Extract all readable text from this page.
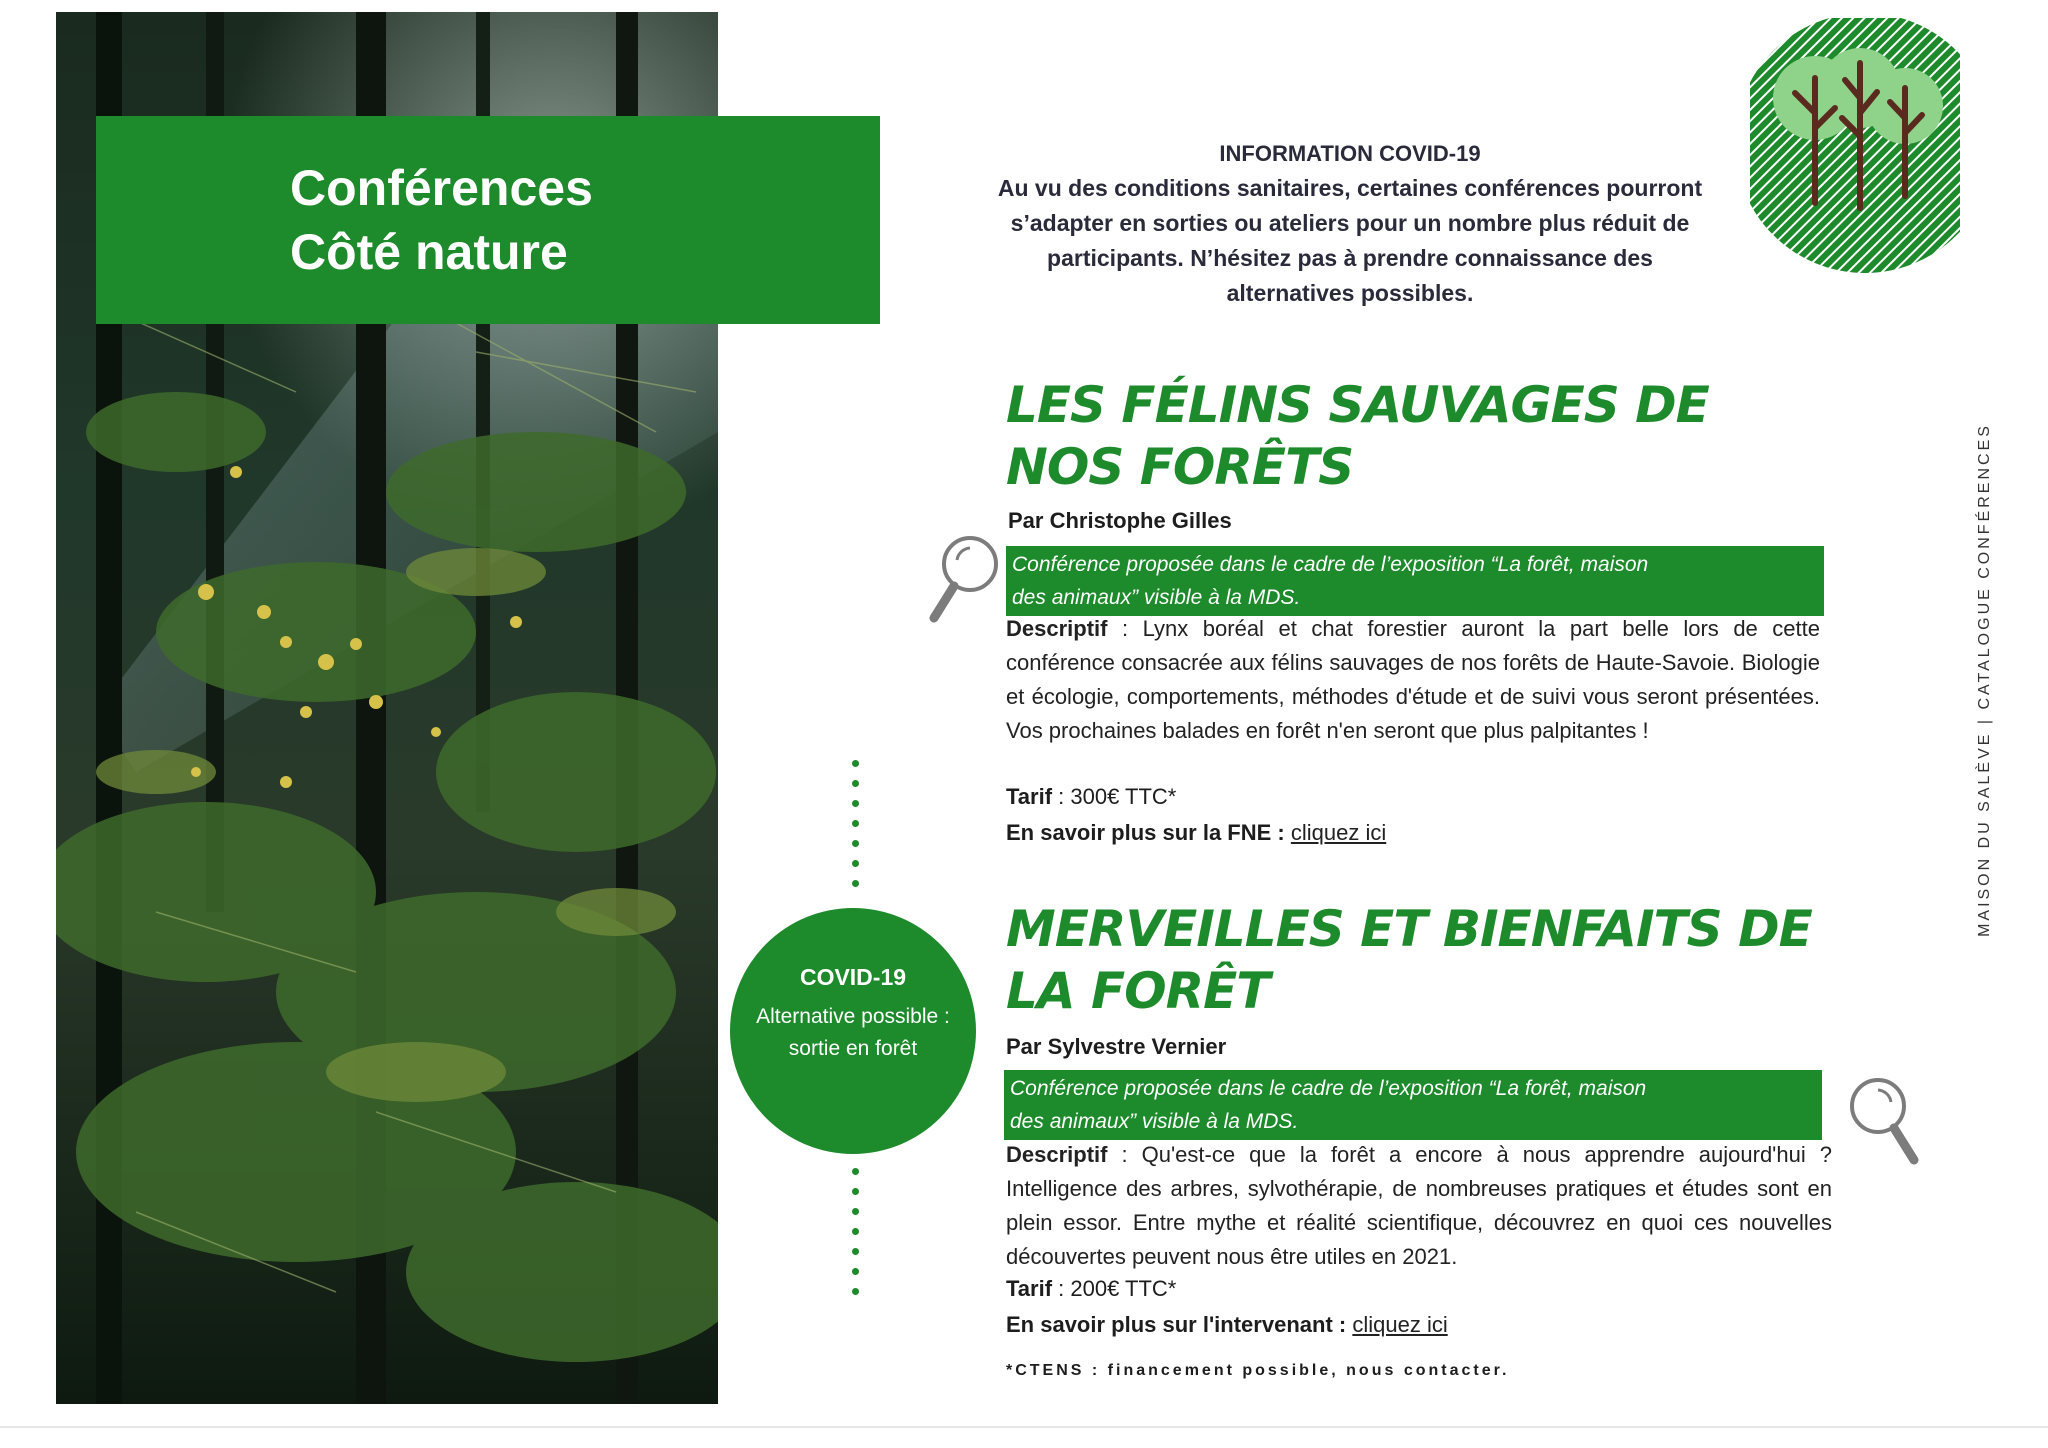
Conférences
Côté nature
INFORMATION COVID-19
Au vu des conditions sanitaires, certaines conférences pourront
s’adapter en sorties ou ateliers pour un nombre plus réduit de
participants. N’hésitez pas à prendre connaissance des
alternatives possibles.
MAISON DU SALÈVE | CATALOGUE CONFÉRENCES
LES FÉLINS SAUVAGES DE
NOS FORÊTS
Par Christophe Gilles
Conférence proposée dans le cadre de l’exposition “La forêt, maison
des animaux” visible à la MDS.
Descriptif : Lynx boréal et chat forestier auront la part belle lors de cette conférence consacrée aux félins sauvages de nos forêts de Haute-Savoie. Biologie et écologie, comportements, méthodes d'étude et de suivi vous seront présentées. Vos prochaines balades en forêt n'en seront que plus palpitantes !
Tarif : 300€ TTC*
En savoir plus sur la FNE : cliquez ici
COVID-19
Alternative possible :
sortie en forêt
MERVEILLES ET BIENFAITS DE
LA FORÊT
Par Sylvestre Vernier
Conférence proposée dans le cadre de l’exposition “La forêt, maison
des animaux” visible à la MDS.
Descriptif : Qu'est-ce que la forêt a encore à nous apprendre aujourd'hui ? Intelligence des arbres, sylvothérapie, de nombreuses pratiques et études sont en plein essor. Entre mythe et réalité scientifique, découvrez en quoi ces nouvelles découvertes peuvent nous être utiles en 2021.
Tarif : 200€ TTC*
En savoir plus sur l'intervenant : cliquez ici
*CTENS : financement possible, nous contacter.
